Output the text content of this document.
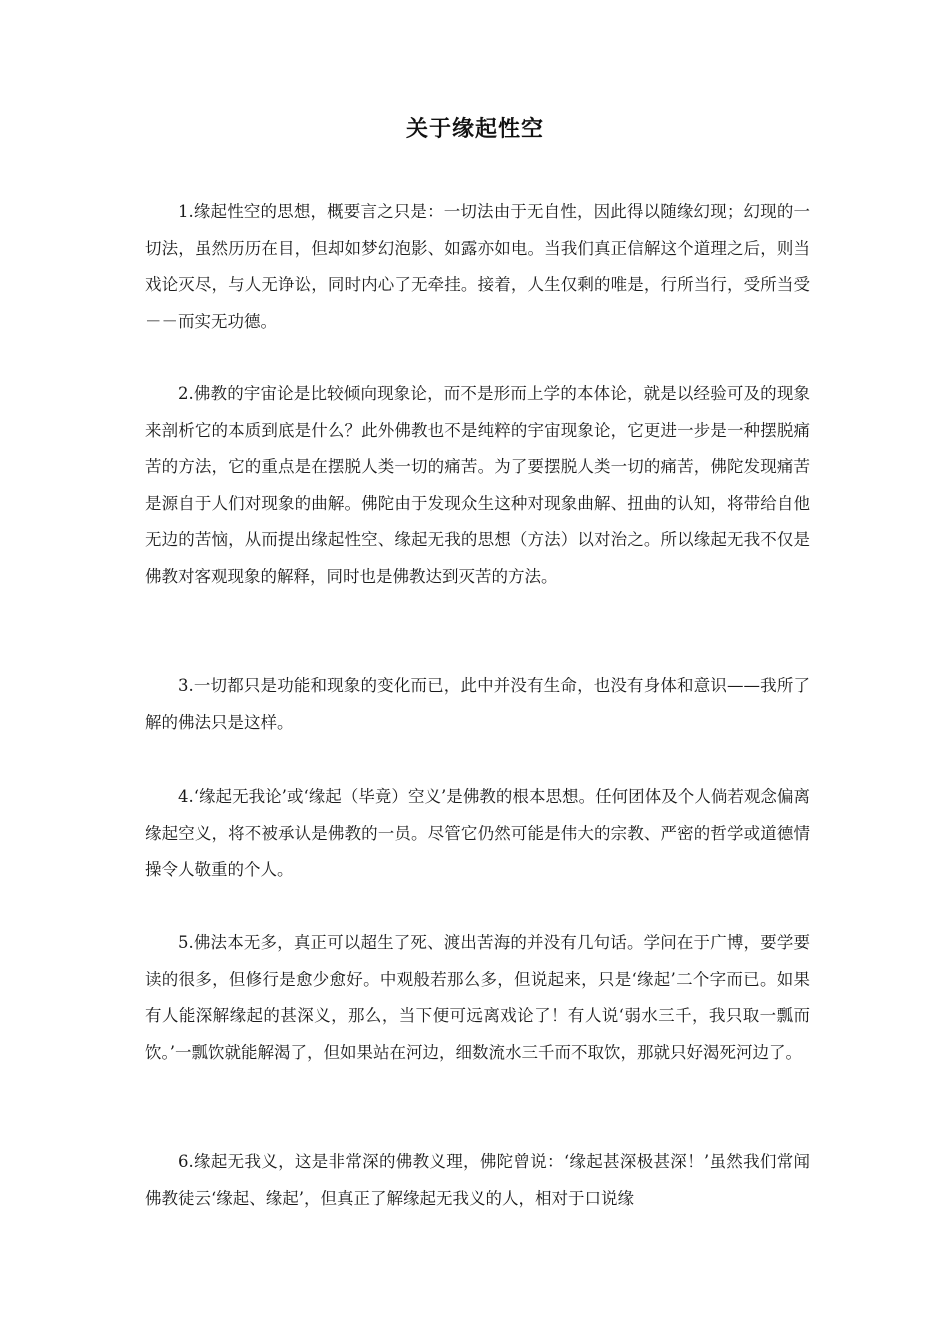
关于缘起性空

1.缘起性空的思想，概要言之只是：一切法由于无自性，因此得以随缘幻现；幻现的一切法，虽然历历在目，但却如梦幻泡影、如露亦如电。当我们真正信解这个道理之后，则当戏论灭尽，与人无诤讼，同时内心了无牵挂。接着，人生仅剩的唯是，行所当行，受所当受－－而实无功德。

2.佛教的宇宙论是比较倾向现象论，而不是形而上学的本体论，就是以经验可及的现象来剖析它的本质到底是什么？此外佛教也不是纯粹的宇宙现象论，它更进一步是一种摆脱痛苦的方法，它的重点是在摆脱人类一切的痛苦。为了要摆脱人类一切的痛苦，佛陀发现痛苦是源自于人们对现象的曲解。佛陀由于发现众生这种对现象曲解、扭曲的认知，将带给自他无边的苦恼，从而提出缘起性空、缘起无我的思想（方法）以对治之。所以缘起无我不仅是佛教对客观现象的解释，同时也是佛教达到灭苦的方法。

3.一切都只是功能和现象的变化而已，此中并没有生命，也没有身体和意识——我所了解的佛法只是这样。

4.‘缘起无我论’或‘缘起（毕竟）空义’是佛教的根本思想。任何团体及个人倘若观念偏离缘起空义，将不被承认是佛教的一员。尽管它仍然可能是伟大的宗教、严密的哲学或道德情操令人敬重的个人。

5.佛法本无多，真正可以超生了死、渡出苦海的并没有几句话。学问在于广博，要学要读的很多，但修行是愈少愈好。中观般若那么多，但说起来，只是‘缘起’二个字而已。如果有人能深解缘起的甚深义，那么，当下便可远离戏论了！有人说‘弱水三千，我只取一瓢而饮。’一瓢饮就能解渴了，但如果站在河边，细数流水三千而不取饮，那就只好渴死河边了。

6.缘起无我义，这是非常深的佛教义理，佛陀曾说：‘缘起甚深极甚深！’虽然我们常闻佛教徒云‘缘起、缘起’，但真正了解缘起无我义的人，相对于口说缘
